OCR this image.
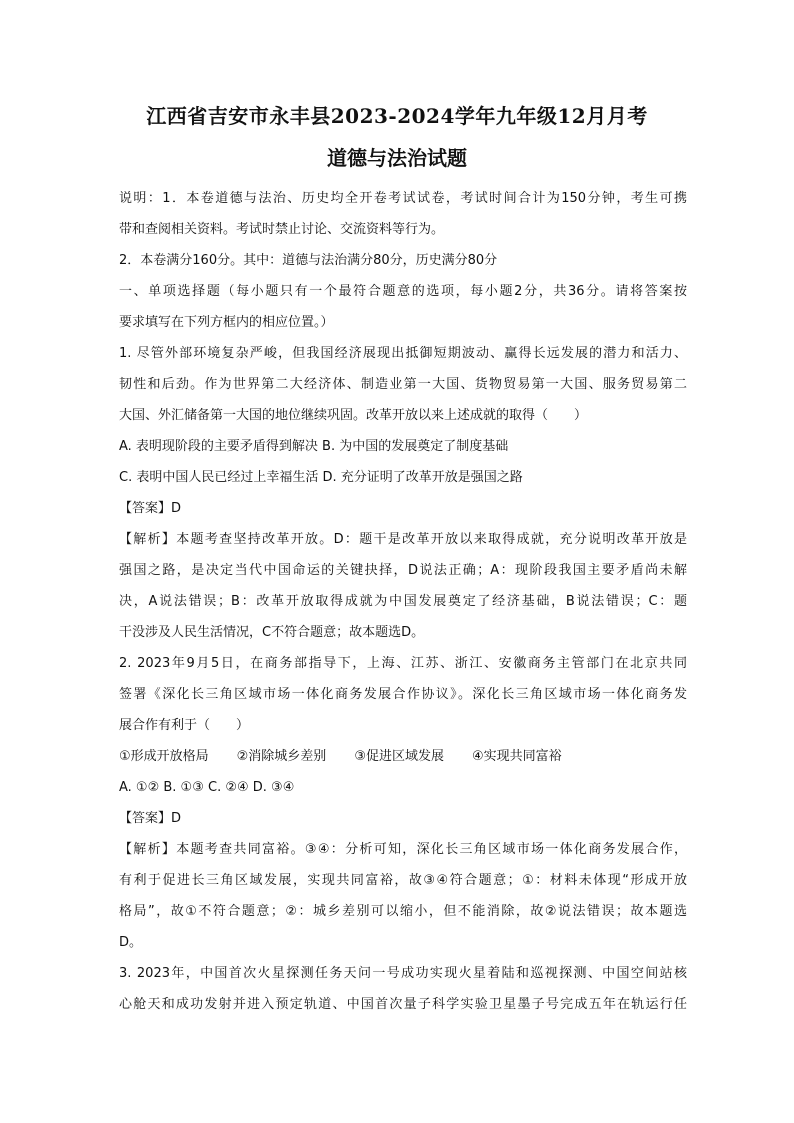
江西省吉安市永丰县2023-2024学年九年级12月月考
道德与法治试题
说明：1．本卷道德与法治、历史均全开卷考试试卷，考试时间合计为150分钟，考生可携
带和查阅相关资料。考试时禁止讨论、交流资料等行为。
2．本卷满分160分。其中：道德与法治满分80分，历史满分80分
一、单项选择题（每小题只有一个最符合题意的选项，每小题2分，共36分。请将答案按
要求填写在下列方框内的相应位置。）
1. 尽管外部环境复杂严峻，但我国经济展现出抵御短期波动、赢得长远发展的潜力和活力、
韧性和后劲。作为世界第二大经济体、制造业第一大国、货物贸易第一大国、服务贸易第二
大国、外汇储备第一大国的地位继续巩固。改革开放以来上述成就的取得（　　）
A. 表明现阶段的主要矛盾得到解决 B. 为中国的发展奠定了制度基础
C. 表明中国人民已经过上幸福生活 D. 充分证明了改革开放是强国之路
【答案】D
【解析】本题考查坚持改革开放。D：题干是改革开放以来取得成就，充分说明改革开放是
强国之路，是决定当代中国命运的关键抉择，D说法正确；A：现阶段我国主要矛盾尚未解
决，A说法错误；B：改革开放取得成就为中国发展奠定了经济基础，B说法错误；C：题
干没涉及人民生活情况，C不符合题意；故本题选D。
2. 2023年9月5日，在商务部指导下，上海、江苏、浙江、安徽商务主管部门在北京共同
签署《深化长三角区域市场一体化商务发展合作协议》。深化长三角区域市场一体化商务发
展合作有利于（　　）
①形成开放格局 ②消除城乡差别 ③促进区域发展 ④实现共同富裕
A. ①② B. ①③ C. ②④ D. ③④
【答案】D
【解析】本题考查共同富裕。③④：分析可知，深化长三角区域市场一体化商务发展合作，
有利于促进长三角区域发展，实现共同富裕，故③④符合题意；①：材料未体现“形成开放
格局”，故①不符合题意；②：城乡差别可以缩小，但不能消除，故②说法错误；故本题选
D。
3. 2023年，中国首次火星探测任务天问一号成功实现火星着陆和巡视探测、中国空间站核
心舱天和成功发射并进入预定轨道、中国首次量子科学实验卫星墨子号完成五年在轨运行任
